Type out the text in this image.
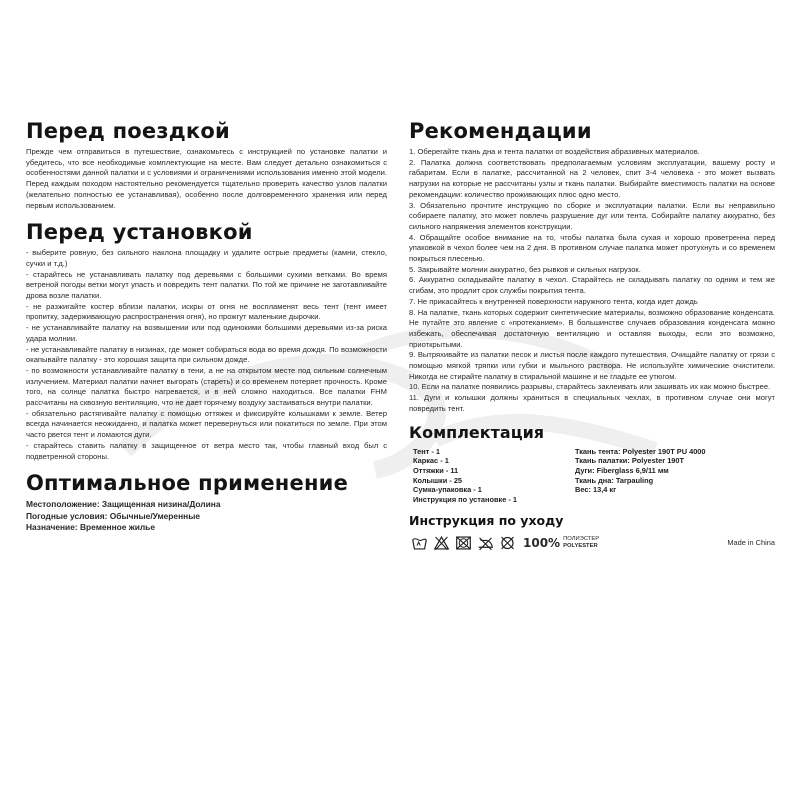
Перед поездкой

Прежде чем отправиться в путешествие, ознакомьтесь с инструкцией по установке палатки и убедитесь, что все необходимые комплектующие на месте. Вам следует детально ознакомиться с особенностями данной палатки и с условиями и ограничениями использования именно этой модели. Перед каждым походом настоятельно рекомендуется тщательно проверить качество узлов палатки (желательно полностью ее устанавливая), особенно после долговременного хранения или перед первым использованием.

Перед установкой
- выберите ровную, без сильного наклона площадку и удалите острые предметы (камни, стекло, сучки и т.д.)
- старайтесь не устанавливать палатку под деревьями с большими сухими ветками. Во время ветреной погоды ветки могут упасть и повредить тент палатки. По той же причине не заготавливайте дрова возле палатки.
- не разжигайте костер вблизи палатки, искры от огня не воспламенят весь тент (тент имеет пропитку, задерживающую распространения огня), но прожгут маленькие дырочки.
- не устанавливайте палатку на возвышении или под одинокими большими деревьями из-за риска удара молнии.
- не устанавливайте палатку в низинах, где может собираться вода во время дождя. По возможности окапывайте палатку - это хорошая защита при сильном дожде.
- по возможности устанавливайте палатку в тени, а не на открытом месте под сильным солнечным излучением. Материал палатки начнет выгорать (стареть) и со временем потеряет прочность. Кроме того, на солнце палатка быстро нагревается, и в ней сложно находиться. Все палатки FHM рассчитаны на сквозную вентиляцию, что не дает горячему воздуху застаиваться внутри палатки.
- обязательно растягивайте палатку с помощью оттяжек и фиксируйте колышками к земле. Ветер всегда начинается неожиданно, и палатка может перевернуться или покатиться по земле. При этом часто рвется тент и ломаются дуги.
- старайтесь ставить палатку в защищенное от ветра место так, чтобы главный вход был с подветренной стороны.
Оптимальное применение
Местоположение: Защищенная низина/Долина
Погодные условия: Обычные/Умеренные
Назначение: Временное жилье
Рекомендации
1. Оберегайте ткань дна и тента палатки от воздействия абразивных материалов.
2. Палатка должна соответствовать предполагаемым условиям эксплуатации, вашему росту и габаритам. Если в палатке, рассчитанной на 2 человек, спит 3-4 человека - это может вызвать нагрузки на которые не рассчитаны узлы и ткань палатки. Выбирайте вместимость палатки на основе рекомендации: количество проживающих плюс одно место.
3. Обязательно прочтите инструкцию по сборке и эксплуатации палатки. Если вы неправильно собираете палатку, это может повлечь разрушение дуг или тента. Собирайте палатку аккуратно, без сильного напряжения элементов конструкции.
4. Обращайте особое внимание на то, чтобы палатка была сухая и хорошо проветренна перед упаковкой в чехол более чем на 2 дня. В противном случае палатка может протухнуть и со временем покрыться плесенью.
5. Закрывайте молнии аккуратно, без рывков и сильных нагрузок.
6. Аккуратно складывайте палатку в чехол. Старайтесь не складывать палатку по одним и тем же сгибам, это продлит срок службы покрытия тента.
7. Не прикасайтесь к внутренней поверхности наружного тента, когда идет дождь
8. На палатке, ткань которых содержит синтетические материалы, возможно образование конденсата. Не путайте это явление с «протеканием». В большинстве случаев образования конденсата можно избежать, обеспечивая достаточную вентиляцию и оставляя выходы, если это возможно, приоткрытыми.
9. Вытряхивайте из палатки песок и листья после каждого путешествия. Очищайте палатку от грязи с помощью мягкой тряпки или губки и мыльного раствора. Не используйте химические очистители. Никогда не стирайте палатку в стиральной машине и не гладьте ее утюгом.
10. Если на палатке появились разрывы, старайтесь заклеивать или зашивать их как можно быстрее.
11. Дуги и колышки должны храниться в специальных чехлах, в противном случае они могут повредить тент.
Комплектация
Тент - 1
Каркас - 1
Оттяжки - 11
Колышки - 25
Сумка-упаковка - 1
Инструкция по установке - 1
Ткань тента: Polyester 190T PU 4000
Ткань палатки: Polyester 190T
Дуги: Fiberglass 6,9/11 мм
Ткань дна: Tarpauling
Вес: 13,4 кг
Инструкция по уходу
100% ПОЛИЭСТЕР
POLYESTER	Made in China
